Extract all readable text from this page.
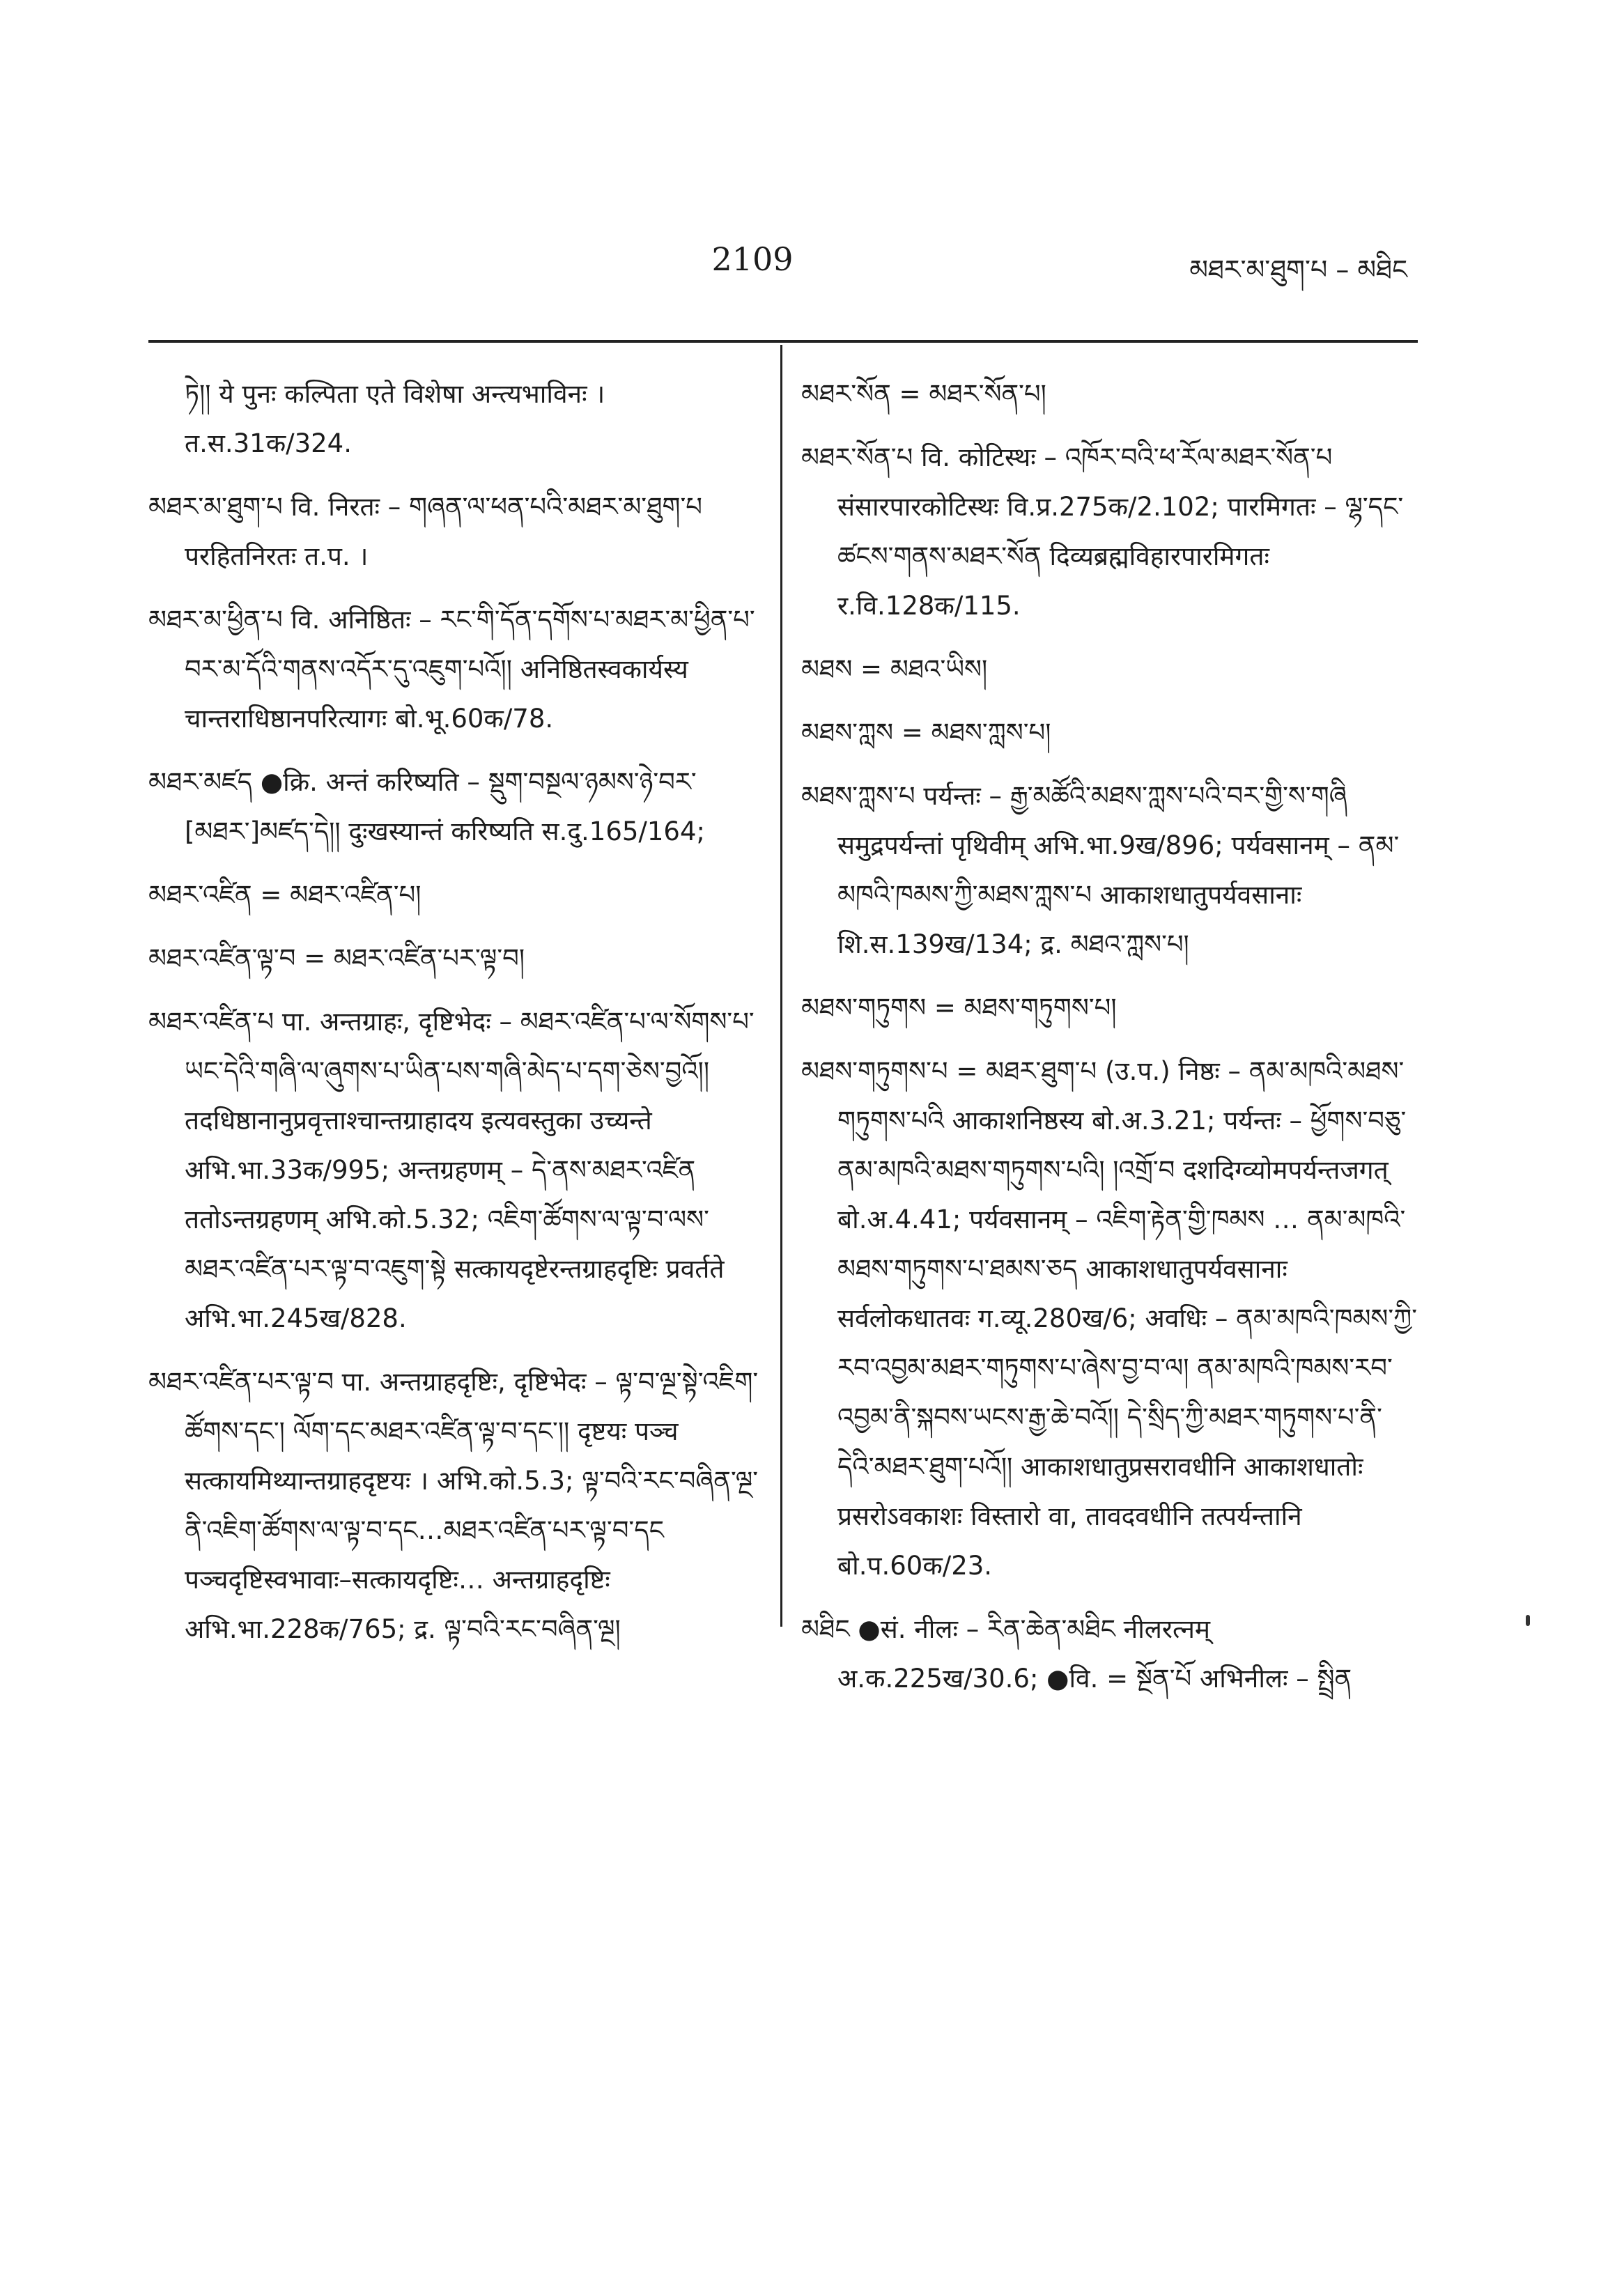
2109	མཐར་མ་ཐུག་པ – མཐིང

ཏེ།། ये पुनः कल्पिता एते विशेषा अन्त्यभाविनः । त.स.31क/324.

མཐར་མ་ཐུག་པ वि. निरतः – གཞན་ལ་ཕན་པའི་མཐར་མ་ཐུག་པ परहितनिरतः त.प. ।

མཐར་མ་ཕྱིན་པ वि. अनिष्ठितः – རང་གི་དོན་དགོས་པ་མཐར་མ་ཕྱིན་པ་བར་མ་དོའི་གནས་འདོར་དུ་འཇུག་པའོ།། अनिष्ठितस्वकार्यस्य चान्तराधिष्ठानपरित्यागः बो.भू.60क/78.

མཐར་མཛད ●क्रि. अन्तं करिष्यति – སྡུག་བསྔལ་ཉམས་ཉེ་བར་[མཐར་]མཛད་དེ།། दुःखस्यान्तं करिष्यति स.दु.165/164;

མཐར་འཛིན = མཐར་འཛིན་པ།

མཐར་འཛིན་ལྟ་བ = མཐར་འཛིན་པར་ལྟ་བ།

མཐར་འཛིན་པ पा. अन्तग्राहः, दृष्टिभेदः – མཐར་འཛིན་པ་ལ་སོགས་པ་ཡང་དེའི་གཞི་ལ་ཞུགས་པ་ཡིན་པས་གཞི་མེད་པ་དག་ཅེས་བྱའོ།། तदधिष्ठानानुप्रवृत्ताश्चान्तग्राहादय इत्यवस्तुका उच्यन्ते अभि.भा.33क/995; अन्तग्रहणम् – དེ་ནས་མཐར་འཛིན ततोऽन्तग्रहणम् अभि.को.5.32; འཇིག་ཚོགས་ལ་ལྟ་བ་ལས་མཐར་འཛིན་པར་ལྟ་བ་འཇུག་སྟེ सत्कायदृष्टेरन्तग्राहदृष्टिः प्रवर्तते अभि.भा.245ख/828.

མཐར་འཛིན་པར་ལྟ་བ पा. अन्तग्राहदृष्टिः, दृष्टिभेदः – ལྟ་བ་ལྔ་སྟེ་འཇིག་ཚོགས་དང་། ལོག་དང་མཐར་འཛིན་ལྟ་བ་དང་།། दृष्टयः पञ्च सत्कायमिथ्यान्तग्राहदृष्टयः । अभि.को.5.3; ལྟ་བའི་རང་བཞིན་ལྔ་ནི་འཇིག་ཚོགས་ལ་ལྟ་བ་དང…མཐར་འཛིན་པར་ལྟ་བ་དང पञ्चदृष्टिस्वभावाः–सत्कायदृष्टिः… अन्तग्राहदृष्टिः अभि.भा.228क/765; द्र. ལྟ་བའི་རང་བཞིན་ལྔ།

མཐར་སོན = མཐར་སོན་པ།

མཐར་སོན་པ वि. कोटिस्थः – འཁོར་བའི་ཕ་རོལ་མཐར་སོན་པ संसारपारकोटिस्थः वि.प्र.275क/2.102; पारमिगतः – ལྷ་དང་ཚངས་གནས་མཐར་སོན दिव्यब्रह्मविहारपारमिगतः र.वि.128क/115.

མཐས = མཐའ་ཡིས།

མཐས་ཀླས = མཐས་ཀླས་པ།

མཐས་ཀླས་པ पर्यन्तः – རྒྱ་མཚོའི་མཐས་ཀླས་པའི་བར་གྱི་ས་གཞི समुद्रपर्यन्तां पृथिवीम् अभि.भा.9ख/896; पर्यवसानम् – ནམ་མཁའི་ཁམས་ཀྱི་མཐས་ཀླས་པ आकाशधातुपर्यवसानाः शि.स.139ख/134; द्र. མཐའ་ཀླས་པ།

མཐས་གཏུགས = མཐས་གཏུགས་པ།

མཐས་གཏུགས་པ = མཐར་ཐུག་པ (उ.प.) निष्ठः – ནམ་མཁའི་མཐས་གཏུགས་པའི आकाशनिष्ठस्य बो.अ.3.21; पर्यन्तः – ཕྱོགས་བཅུ་ནམ་མཁའི་མཐས་གཏུགས་པའི། །འགྲོ་བ दशदिग्व्योमपर्यन्तजगत् बो.अ.4.41; पर्यवसानम् – འཇིག་རྟེན་གྱི་ཁམས … ནམ་མཁའི་མཐས་གཏུགས་པ་ཐམས་ཅད आकाशधातुपर्यवसानाः सर्वलोकधातवः ग.व्यू.280ख/6; अवधिः – ནམ་མཁའི་ཁམས་ཀྱི་རབ་འབྱམ་མཐར་གཏུགས་པ་ཞེས་བྱ་བ་ལ། ནམ་མཁའི་ཁམས་རབ་འབྱམ་ནི་སྐབས་ཡངས་རྒྱ་ཆེ་བའོ།། དེ་སྲིད་ཀྱི་མཐར་གཏུགས་པ་ནི་དེའི་མཐར་ཐུག་པའོ།། आकाशधातुप्रसरावधीनि आकाशधातोः प्रसरोऽवकाशः विस्तारो वा, तावदवधीनि तत्पर्यन्तानि बो.प.60क/23.

མཐིང ●सं. नीलः – རིན་ཆེན་མཐིང नीलरत्नम् अ.क.225ख/30.6; ●वि. = སྔོན་པོ अभिनीलः – སྤྲིན
